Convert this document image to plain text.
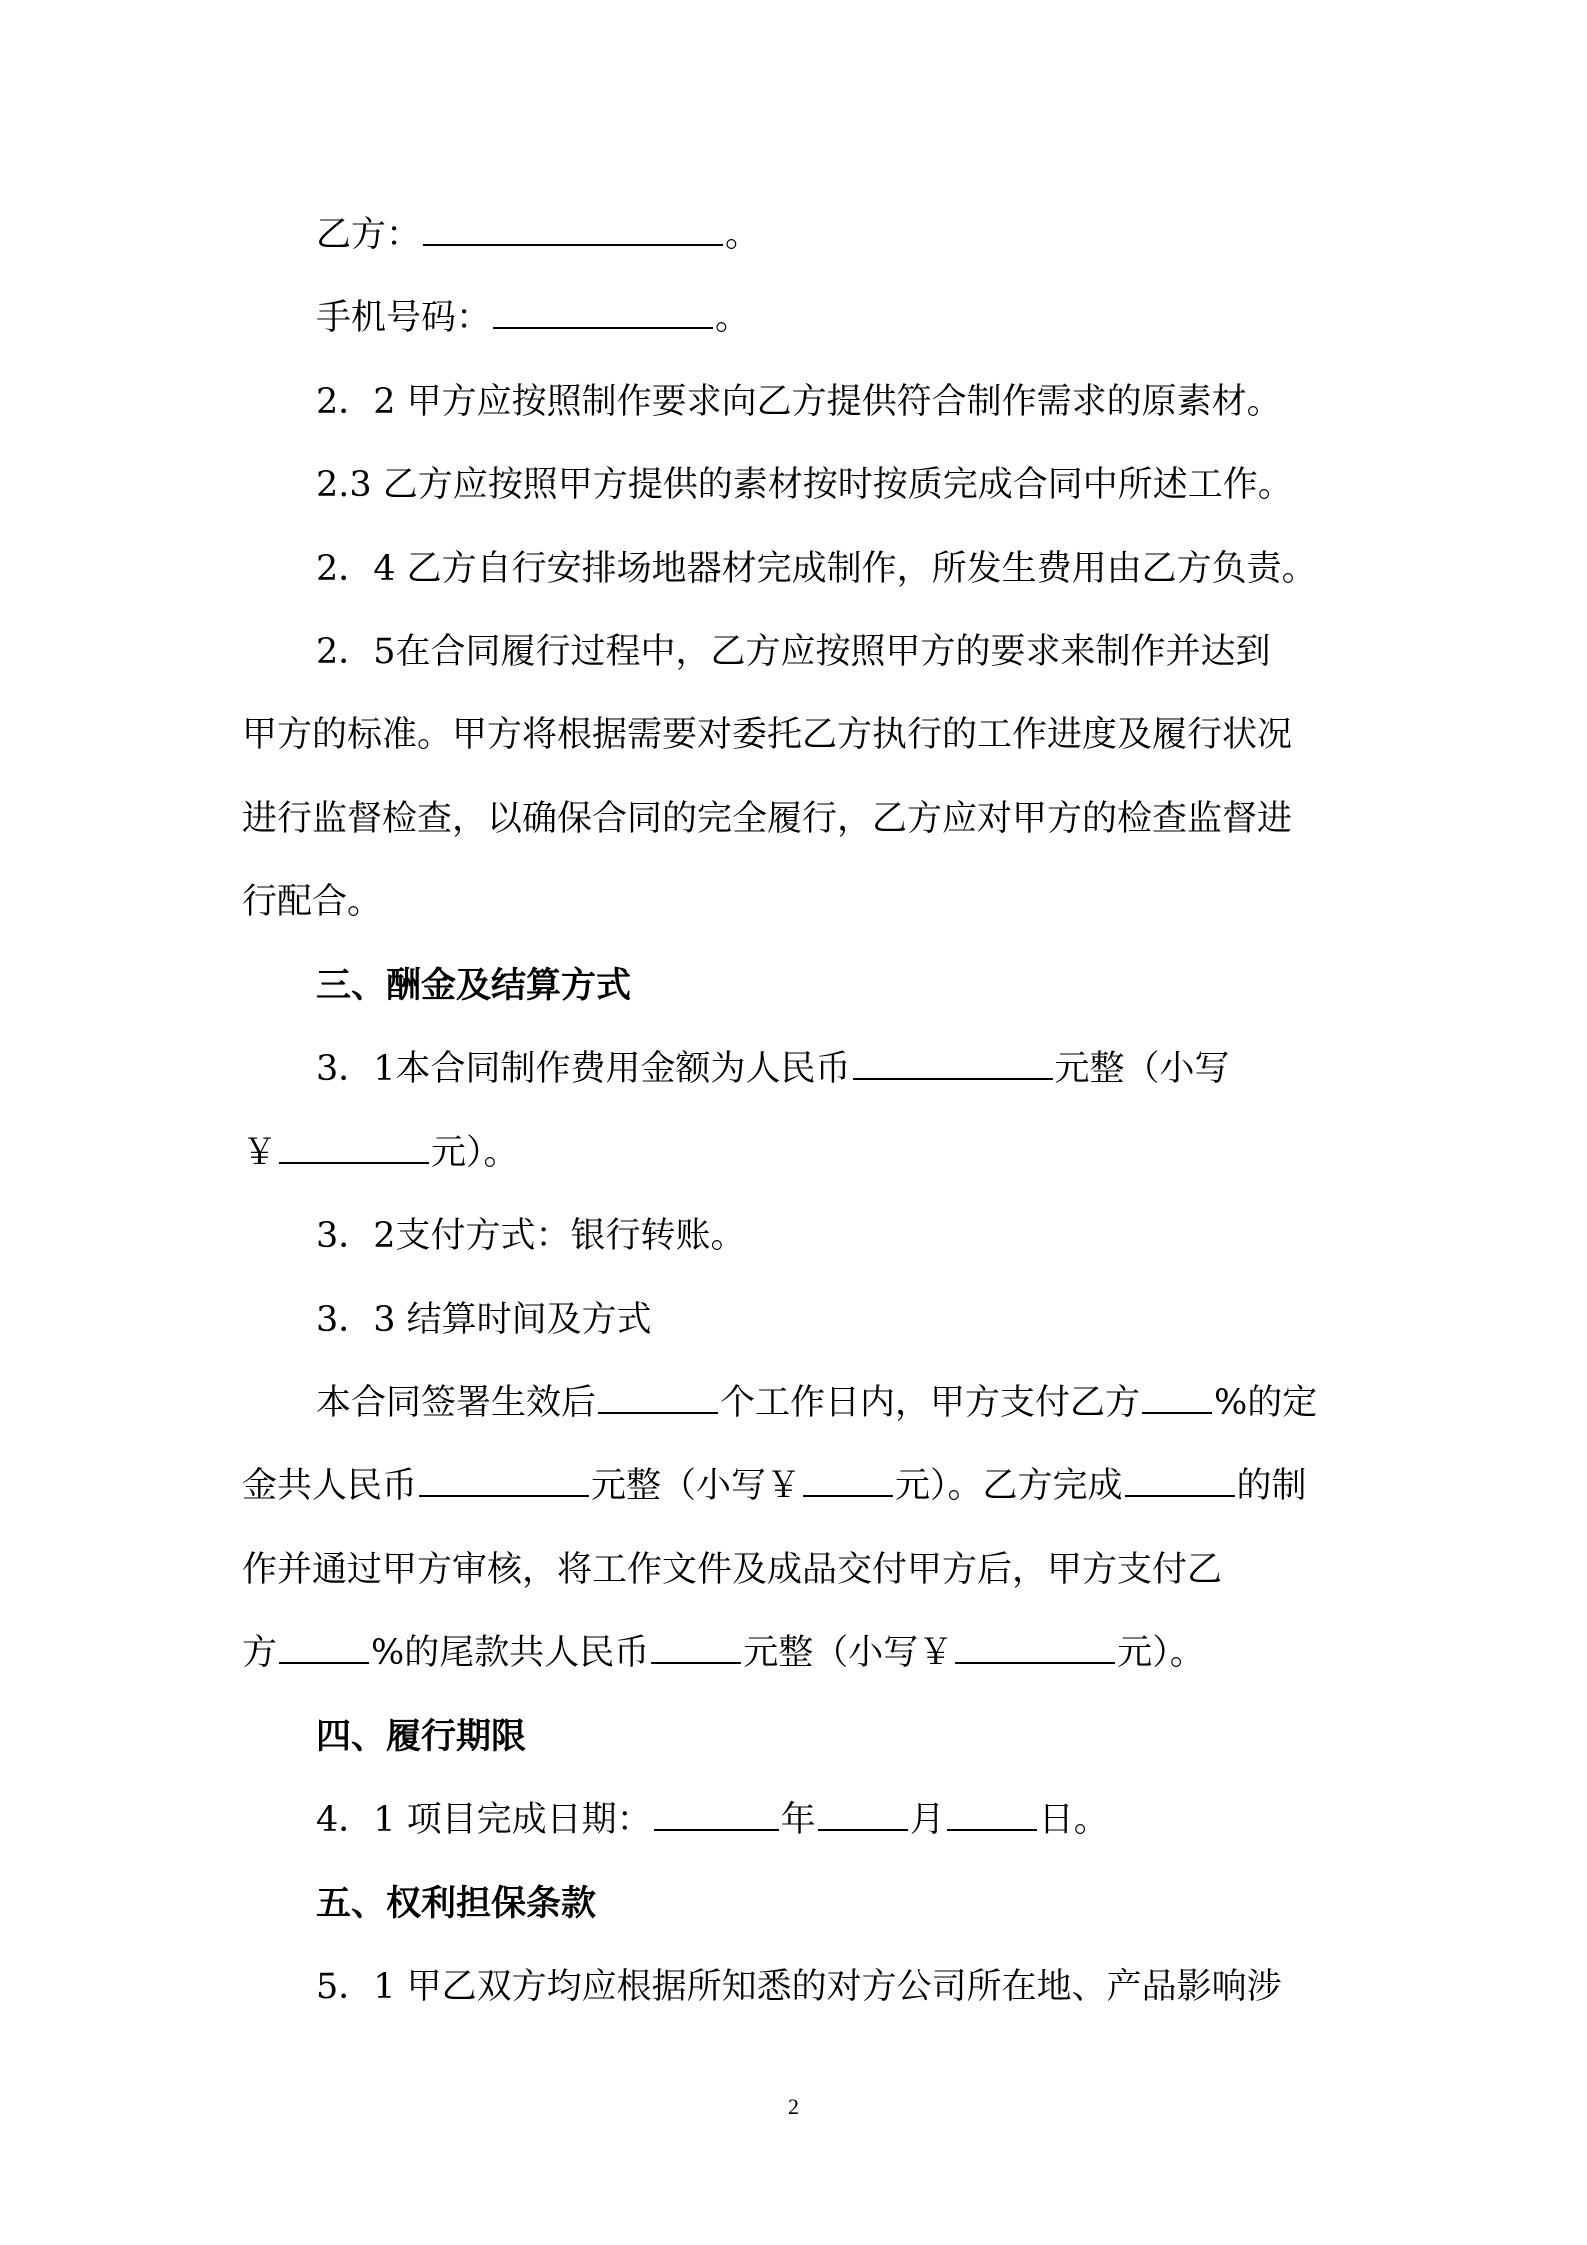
乙方：	。
手机号码：	。
2．2 甲方应按照制作要求向乙方提供符合制作需求的原素材。
2.3 乙方应按照甲方提供的素材按时按质完成合同中所述工作。
2．4 乙方自行安排场地器材完成制作，所发生费用由乙方负责。
2．5在合同履行过程中，乙方应按照甲方的要求来制作并达到
甲方的标准。甲方将根据需要对委托乙方执行的工作进度及履行状况
进行监督检查，以确保合同的完全履行，乙方应对甲方的检查监督进
行配合。
三、酬金及结算方式
3．1本合同制作费用金额为人民币	元整（小写
￥	元）。
3．2支付方式：银行转账。
3．3 结算时间及方式
本合同签署生效后	个工作日内，甲方支付乙方 %的定
金共人民币	元整（小写￥	元）。乙方完成	的制
作并通过甲方审核，将工作文件及成品交付甲方后，甲方支付乙
方	%的尾款共人民币	元整（小写￥	元）。
四、履行期限
4．1 项目完成日期：	年	月	日。
五、权利担保条款
5．1 甲乙双方均应根据所知悉的对方公司所在地、产品影响涉
2
